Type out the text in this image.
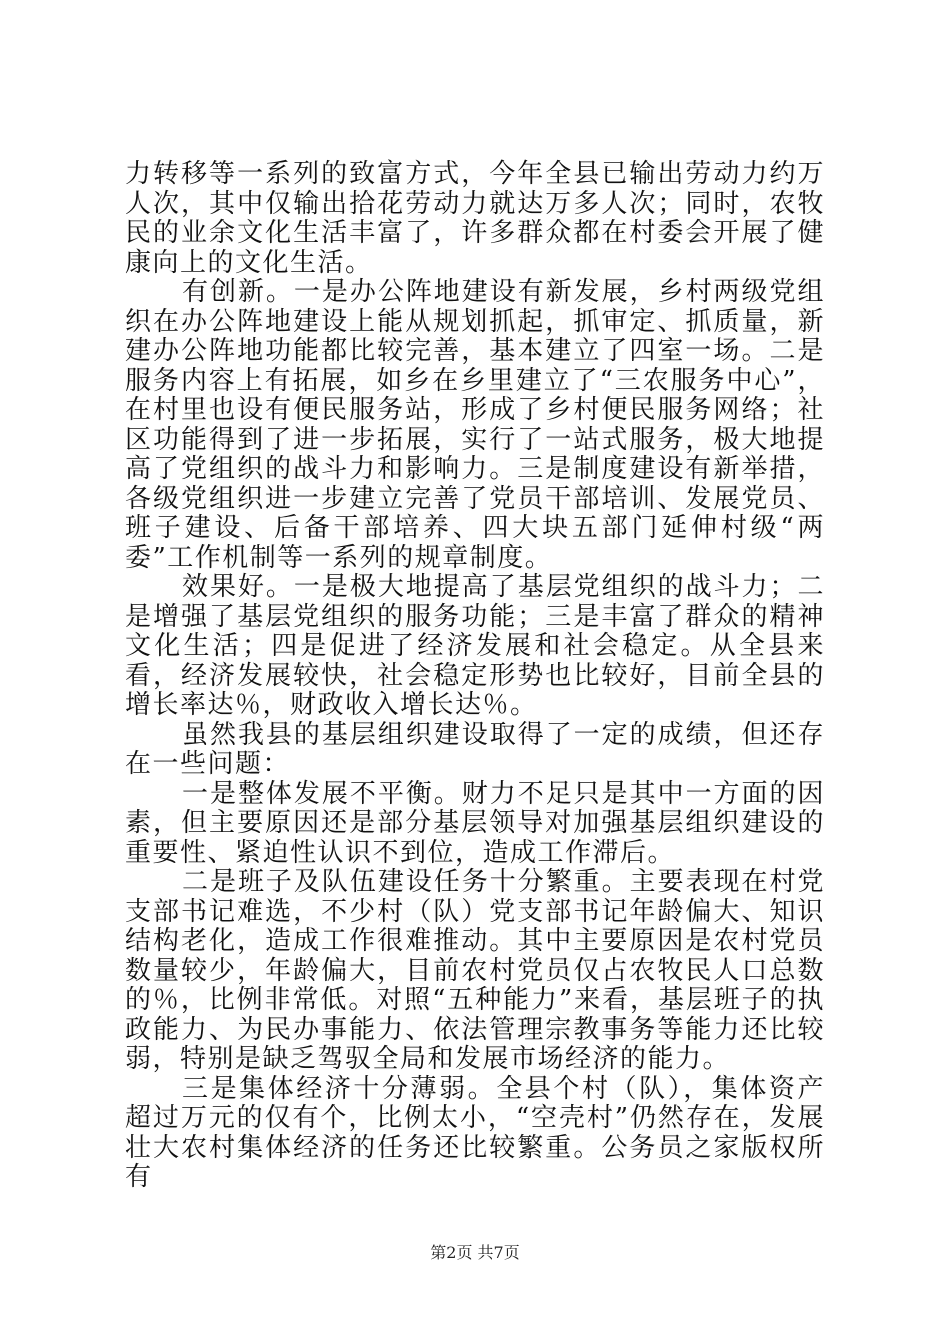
力转移等一系列的致富方式，今年全县已输出劳动力约万人次，其中仅输出拾花劳动力就达万多人次；同时，农牧民的业余文化生活丰富了，许多群众都在村委会开展了健康向上的文化生活。

有创新。一是办公阵地建设有新发展，乡村两级党组织在办公阵地建设上能从规划抓起，抓审定、抓质量，新建办公阵地功能都比较完善，基本建立了四室一场。二是服务内容上有拓展，如乡在乡里建立了“三农服务中心”，在村里也设有便民服务站，形成了乡村便民服务网络；社区功能得到了进一步拓展，实行了一站式服务，极大地提高了党组织的战斗力和影响力。三是制度建设有新举措，各级党组织进一步建立完善了党员干部培训、发展党员、班子建设、后备干部培养、四大块五部门延伸村级“两委”工作机制等一系列的规章制度。

效果好。一是极大地提高了基层党组织的战斗力；二是增强了基层党组织的服务功能；三是丰富了群众的精神文化生活；四是促进了经济发展和社会稳定。从全县来看，经济发展较快，社会稳定形势也比较好，目前全县的增长率达％，财政收入增长达％。

虽然我县的基层组织建设取得了一定的成绩，但还存在一些问题：

一是整体发展不平衡。财力不足只是其中一方面的因素，但主要原因还是部分基层领导对加强基层组织建设的重要性、紧迫性认识不到位，造成工作滞后。

二是班子及队伍建设任务十分繁重。主要表现在村党支部书记难选，不少村（队）党支部书记年龄偏大、知识结构老化，造成工作很难推动。其中主要原因是农村党员数量较少，年龄偏大，目前农村党员仅占农牧民人口总数的％，比例非常低。对照“五种能力”来看，基层班子的执政能力、为民办事能力、依法管理宗教事务等能力还比较弱，特别是缺乏驾驭全局和发展市场经济的能力。

三是集体经济十分薄弱。全县个村（队），集体资产超过万元的仅有个，比例太小，“空壳村”仍然存在，发展壮大农村集体经济的任务还比较繁重。公务员之家版权所有

第2页 共7页
